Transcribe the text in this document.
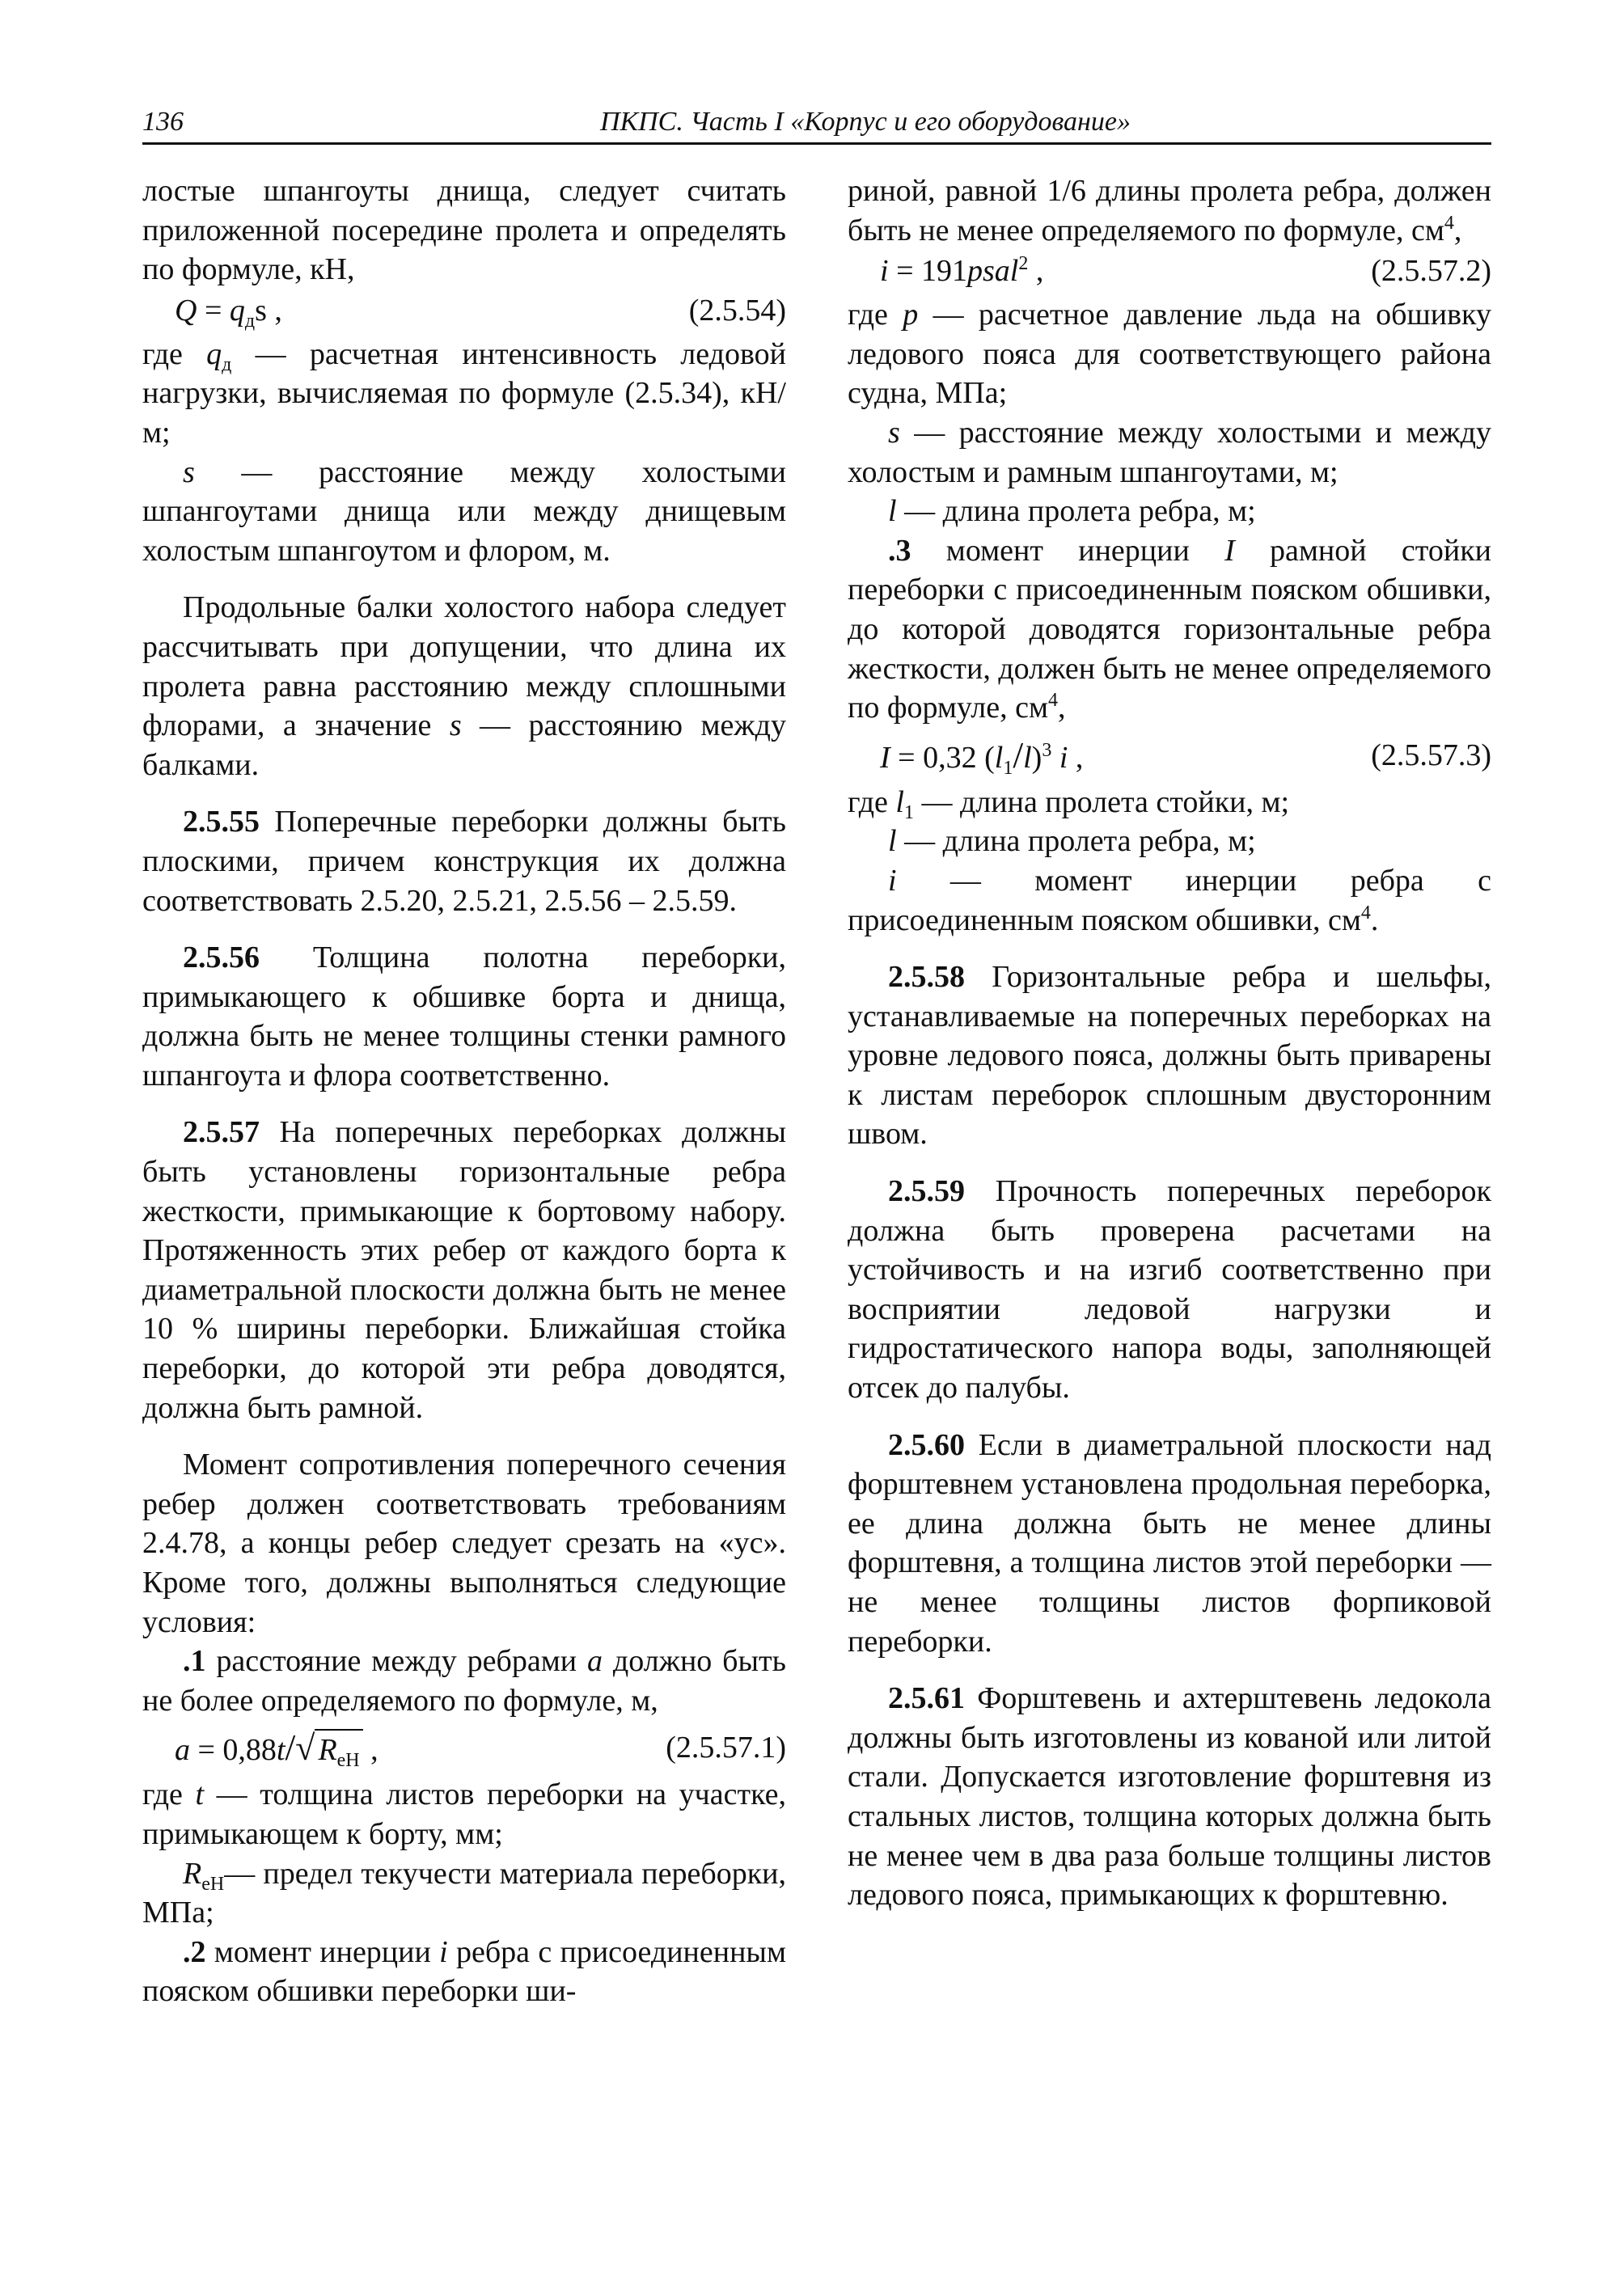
136	ПКПС. Часть I «Корпус и его оборудование»

лостые шпангоуты днища, следует считать приложенной посередине пролета и определять по формуле, кН,

$Q = q_дs$ ,	(2.5.54)

где $q_д$ — расчетная интенсивность ледовой нагрузки, вычисляемая по формуле (2.5.34), кН/м;

s — расстояние между холостыми шпангоутами днища или между днищевым холостым шпангоутом и флором, м.

Продольные балки холостого набора следует рассчитывать при допущении, что длина их пролета равна расстоянию между сплошными флорами, а значение s — расстоянию между балками.

2.5.55 Поперечные переборки должны быть плоскими, причем конструкция их должна соответствовать 2.5.20, 2.5.21, 2.5.56 – 2.5.59.

2.5.56 Толщина полотна переборки, примыкающего к обшивке борта и днища, должна быть не менее толщины стенки рамного шпангоута и флора соответственно.

2.5.57 На поперечных переборках должны быть установлены горизонтальные ребра жесткости, примыкающие к бортовому набору. Протяженность этих ребер от каждого борта к диаметральной плоскости должна быть не менее 10 % ширины переборки. Ближайшая стойка переборки, до которой эти ребра доводятся, должна быть рамной.

Момент сопротивления поперечного сечения ребер должен соответствовать требованиям 2.4.78, а концы ребер следует срезать на «ус». Кроме того, должны выполняться следующие условия:

.1 расстояние между ребрами a должно быть не более определяемого по формуле, м,

a = 0,88t/√ $R_{eH}$ ,	(2.5.57.1)

где t — толщина листов переборки на участке, примыкающем к борту, мм;

$R_{eH}—$ предел текучести материала переборки, МПа;

.2 момент инерции i ребра с присоединенным пояском обшивки переборки ши-

риной, равной 1/6 длины пролета ребра, должен быть не менее определяемого по формуле, $см^4$,

i = 191psal$^2$ ,	(2.5.57.2)

где p — расчетное давление льда на обшивку ледового пояса для соответствующего района судна, МПа;

s — расстояние между холостыми и между холостым и рамным шпангоутами, м;

l — длина пролета ребра, м;

.3 момент инерции I рамной стойки переборки с присоединенным пояском обшивки, до которой доводятся горизонтальные ребра жесткости, должен быть не менее определяемого по формуле, $см^4$,

I = 0,32 $(l_1/l)^3$ i ,	(2.5.57.3)

где $l_1$ — длина пролета стойки, м;

l — длина пролета ребра, м;

i — момент инерции ребра с присоединенным пояском обшивки, $см^4$.

2.5.58 Горизонтальные ребра и шельфы, устанавливаемые на поперечных переборках на уровне ледового пояса, должны быть приварены к листам переборок сплошным двусторонним швом.

2.5.59 Прочность поперечных переборок должна быть проверена расчетами на устойчивость и на изгиб соответственно при восприятии ледовой нагрузки и гидростатического напора воды, заполняющей отсек до палубы.

2.5.60 Если в диаметральной плоскости над форштевнем установлена продольная переборка, ее длина должна быть не менее длины форштевня, а толщина листов этой переборки — не менее толщины листов форпиковой переборки.

2.5.61 Форштевень и ахтерштевень ледокола должны быть изготовлены из кованой или литой стали. Допускается изготовление форштевня из стальных листов, толщина которых должна быть не менее чем в два раза больше толщины листов ледового пояса, примыкающих к форштевню.
